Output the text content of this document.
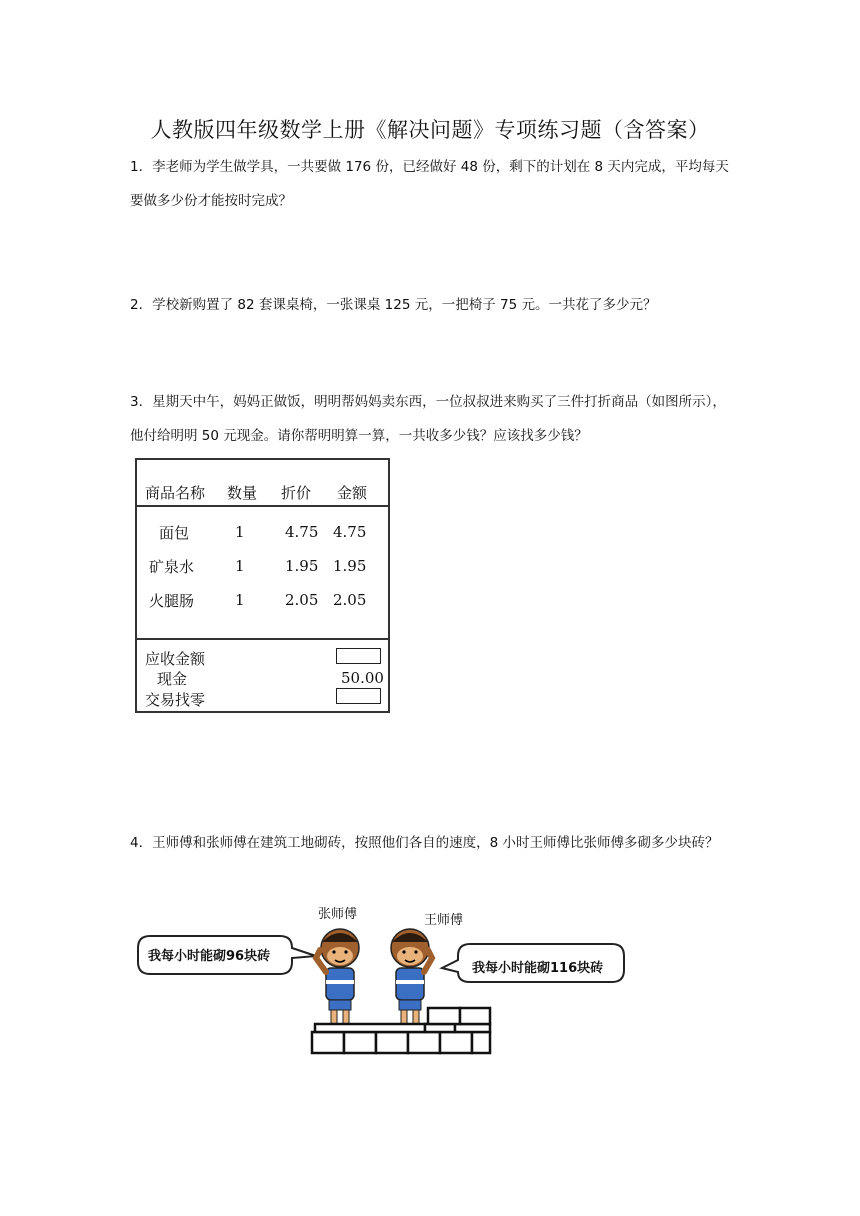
人教版四年级数学上册《解决问题》专项练习题（含答案）
1．李老师为学生做学具，一共要做 176 份，已经做好 48 份，剩下的计划在 8 天内完成，平均每天要做多少份才能按时完成？
2．学校新购置了 82 套课桌椅，一张课桌 125 元，一把椅子 75 元。一共花了多少元？
3．星期天中午，妈妈正做饭，明明帮妈妈卖东西，一位叔叔进来购买了三件打折商品（如图所示），他付给明明 50 元现金。请你帮明明算一算，一共收多少钱？应该找多少钱？
商品名称 数量 折价 金额
面包	1	4.75 4.75
矿泉水	1	1.95 1.95
火腿肠	1	2.05 2.05
应收金额
现金	50.00
交易找零
4．王师傅和张师傅在建筑工地砌砖，按照他们各自的速度，8 小时王师傅比张师傅多砌多少块砖？
张师傅	王师傅
我每小时能砌96块砖
我每小时能砌116块砖
